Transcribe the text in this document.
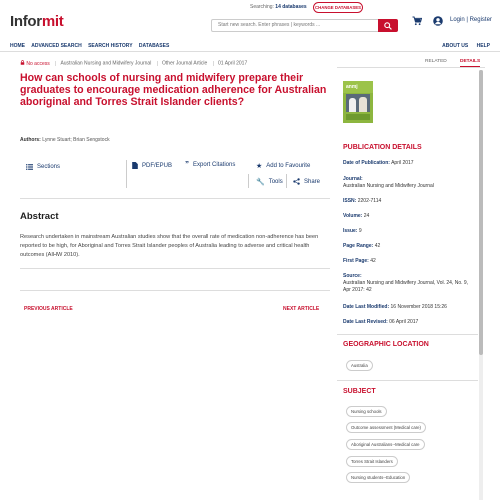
Informit
Searching: 14 databases	CHANGE DATABASES
Start new search. Enter phrases | keywords ...
Login | Register
HOME ADVANCED SEARCH SEARCH HISTORY DATABASES	ABOUT US HELP
No access | Australian Nursing and Midwifery Journal | Other Journal Article | 01 April 2017
How can schools of nursing and midwifery prepare their graduates to encourage medication adherence for Australian aboriginal and Torres Strait Islander clients?
Authors: Lynne Stuart; Brian Sengstock
Sections	PDF/EPUB ” Export Citations	★ Add to Favourite
🔧 Tools	Share
Abstract
Research undertaken in mainstream Australian studies show that the overall rate of medication non-adherence has been reported to be high, for Aboriginal and Torres Strait Islander peoples of Australia leading to adverse and critical health outcomes (AIHW 2010).
PREVIOUS ARTICLE	NEXT ARTICLE
RELATED	DETAILS
anmj
PUBLICATION DETAILS
Date of Publication: April 2017
Journal:
Australian Nursing and Midwifery Journal
ISSN: 2202-7114
Volume: 24
Issue: 9
Page Range: 42
First Page: 42
Source:
Australian Nursing and Midwifery Journal, Vol. 24, No. 9, Apr 2017: 42
Date Last Modified: 16 November 2018 15:26
Date Last Revised: 06 April 2017
GEOGRAPHIC LOCATION
Australia
SUBJECT
Nursing schools
Outcome assessment (Medical care)
Aboriginal Australians--Medical care
Torres Strait Islanders
Nursing students--Education
